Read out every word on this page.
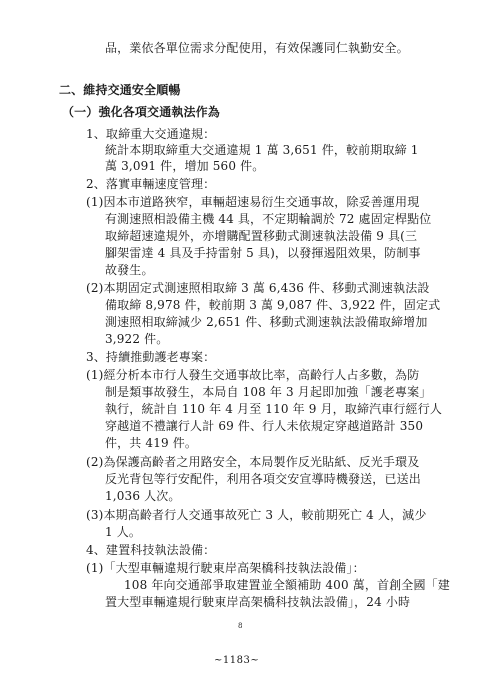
品，業依各單位需求分配使用，有效保護同仁執勤安全。
二、維持交通安全順暢
（一）強化各項交通執法作為
1、取締重大交通違規：
統計本期取締重大交通違規 1 萬 3,651 件，較前期取締 1
萬 3,091 件，增加 560 件。
2、落實車輛速度管理：
(1)因本市道路狹窄，車輛超速易衍生交通事故，除妥善運用現
有測速照相設備主機 44 具，不定期輪調於 72 處固定桿點位
取締超速違規外，亦增購配置移動式測速執法設備 9 具(三
腳架雷達 4 具及手持雷射 5 具)，以發揮遏阻效果，防制事
故發生。
(2)本期固定式測速照相取締 3 萬 6,436 件、移動式測速執法設
備取締 8,978 件，較前期 3 萬 9,087 件、3,922 件，固定式
測速照相取締減少 2,651 件、移動式測速執法設備取締增加
3,922 件。
3、持續推動護老專案：
(1)經分析本市行人發生交通事故比率，高齡行人占多數，為防
制是類事故發生，本局自 108 年 3 月起即加強「護老專案」
執行，統計自 110 年 4 月至 110 年 9 月，取締汽車行經行人
穿越道不禮讓行人計 69 件、行人未依規定穿越道路計 350
件，共 419 件。
(2)為保護高齡者之用路安全，本局製作反光貼紙、反光手環及
反光背包等行安配件，利用各項交安宣導時機發送，已送出
1,036 人次。
(3)本期高齡者行人交通事故死亡 3 人，較前期死亡 4 人，減少
1 人。
4、建置科技執法設備：
(1)「大型車輛違規行駛東岸高架橋科技執法設備」：
108 年向交通部爭取建置並全額補助 400 萬，首創全國「建
置大型車輛違規行駛東岸高架橋科技執法設備」，24 小時
8
~1183~
